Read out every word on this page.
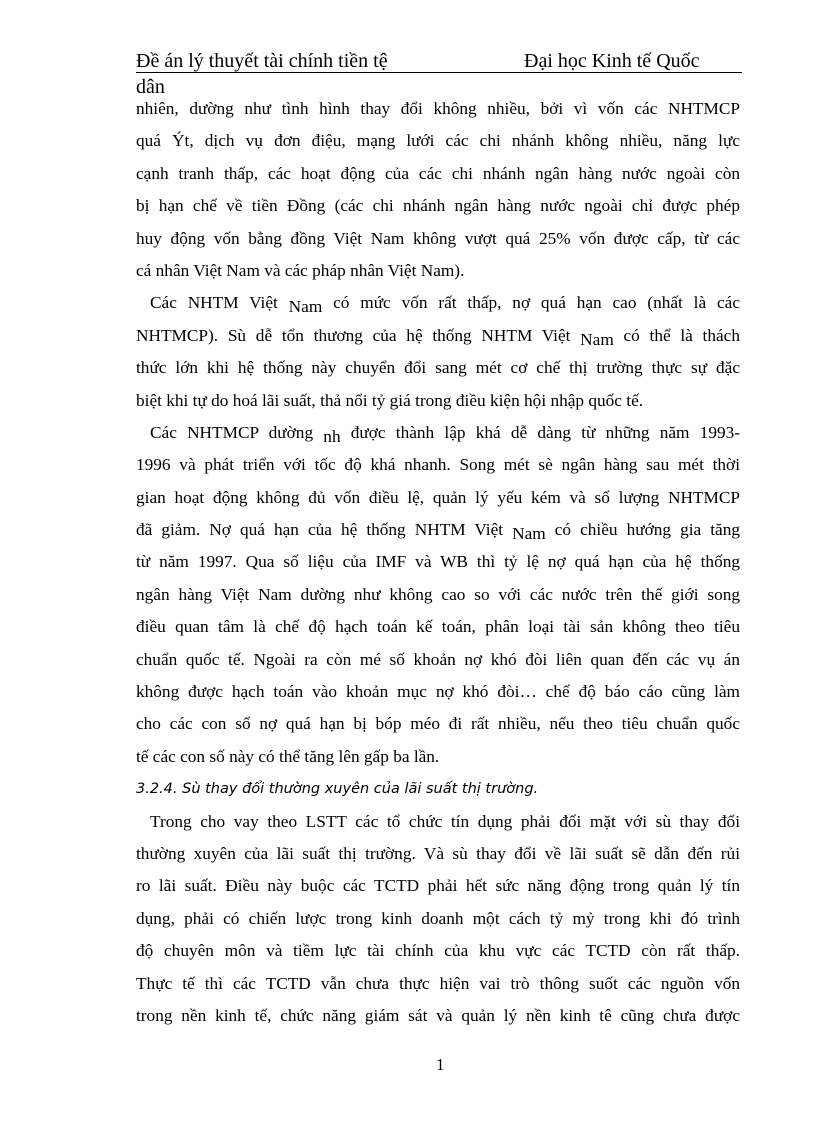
Đề án lý thuyết tài chính tiền tệ	Đại học Kinh tế Quốc
dân
nhiên, dường như tình hình thay đổi không nhiều, bởi vì vốn các NHTMCP
quá Ýt, dịch vụ đơn điệu, mạng lưới các chi nhánh không nhiều, năng lực
cạnh tranh thấp, các hoạt động của các chi nhánh ngân hàng nước ngoài còn
bị hạn chế về tiền Đồng (các chi nhánh ngân hàng nước ngoài chỉ được phép
huy động vốn bằng đồng Việt Nam không vượt quá 25% vốn được cấp, từ các
cá nhân Việt Nam và các pháp nhân Việt Nam).
Các NHTM Việt Nam có mức vốn rất thấp, nợ quá hạn cao (nhất là các
NHTMCP). Sù dễ tổn thương của hệ thống NHTM Việt Nam có thể là thách
thức lớn khi hệ thống này chuyển đổi sang mét cơ chế thị trường thực sự đặc
biệt khi tự do hoá lãi suất, thả nổi tỷ giá trong điều kiện hội nhập quốc tế.
Các NHTMCP dường nh được thành lập khá dễ dàng từ những năm 1993-
1996 và phát triển với tốc độ khá nhanh. Song mét sè ngân hàng sau mét thời
gian hoạt động không đủ vốn điều lệ, quản lý yếu kém và số lượng NHTMCP
đã giảm. Nợ quá hạn của hệ thống NHTM Việt Nam có chiều hướng gia tăng
từ năm 1997. Qua số liệu của IMF và WB thì tỷ lệ nợ quá hạn của hệ thống
ngân hàng Việt Nam dường như không cao so với các nước trên thế giới song
điều quan tâm là chế độ hạch toán kế toán, phân loại tài sản không theo tiêu
chuẩn quốc tế. Ngoài ra còn mé số khoản nợ khó đòi liên quan đến các vụ án
không được hạch toán vào khoản mục nợ khó đòi… chế độ báo cáo cũng làm
cho các con số nợ quá hạn bị bóp méo đi rất nhiều, nếu theo tiêu chuẩn quốc
tế các con số này có thể tăng lên gấp ba lần.
3.2.4. Sù thay đổi thường xuyên của lãi suất thị trường.
Trong cho vay theo LSTT các tổ chức tín dụng phải đối mặt với sù thay đổi
thường xuyên của lãi suất thị trường. Và sù thay đổi về lãi suất sẽ dẫn đến rủi
ro lãi suất. Điều này buộc các TCTD phải hết sức năng động trong quản lý tín
dụng, phải có chiến lược trong kinh doanh một cách tỷ mỷ trong khi đó trình
độ chuyên môn và tiềm lực tài chính của khu vực các TCTD còn rất thấp.
Thực tế thì các TCTD vẫn chưa thực hiện vai trò thông suốt các nguồn vốn
trong nền kinh tế, chức năng giám sát và quản lý nền kinh tê cũng chưa được
1
